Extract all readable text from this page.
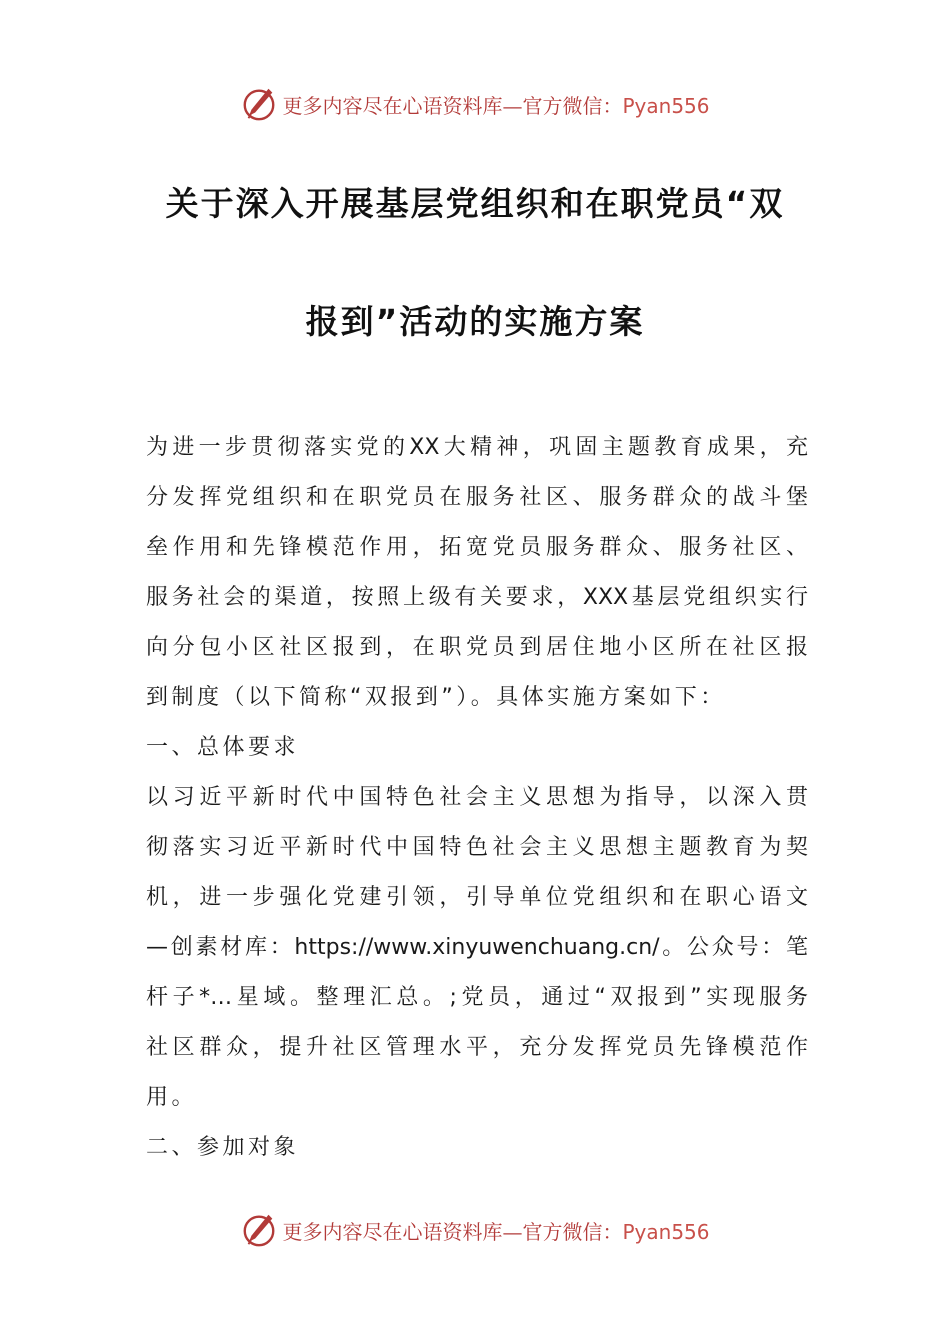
更多内容尽在心语资料库—官方微信：Pyan556
关于深入开展基层党组织和在职党员“双
报到”活动的实施方案
为进一步贯彻落实党的XX大精神，巩固主题教育成果，充
分发挥党组织和在职党员在服务社区、服务群众的战斗堡
垒作用和先锋模范作用，拓宽党员服务群众、服务社区、
服务社会的渠道，按照上级有关要求，XXX基层党组织实行
向分包小区社区报到，在职党员到居住地小区所在社区报
到制度（以下简称“双报到”）。具体实施方案如下：
一、总体要求
以习近平新时代中国特色社会主义思想为指导，以深入贯
彻落实习近平新时代中国特色社会主义思想主题教育为契
机，进一步强化党建引领，引导单位党组织和在职心语文
—创素材库：https://www.xinyuwenchuang.cn/。公众号：笔
杆子*…星域。整理汇总。;党员，通过“双报到”实现服务
社区群众，提升社区管理水平，充分发挥党员先锋模范作
用。
二、参加对象
更多内容尽在心语资料库—官方微信：Pyan556
